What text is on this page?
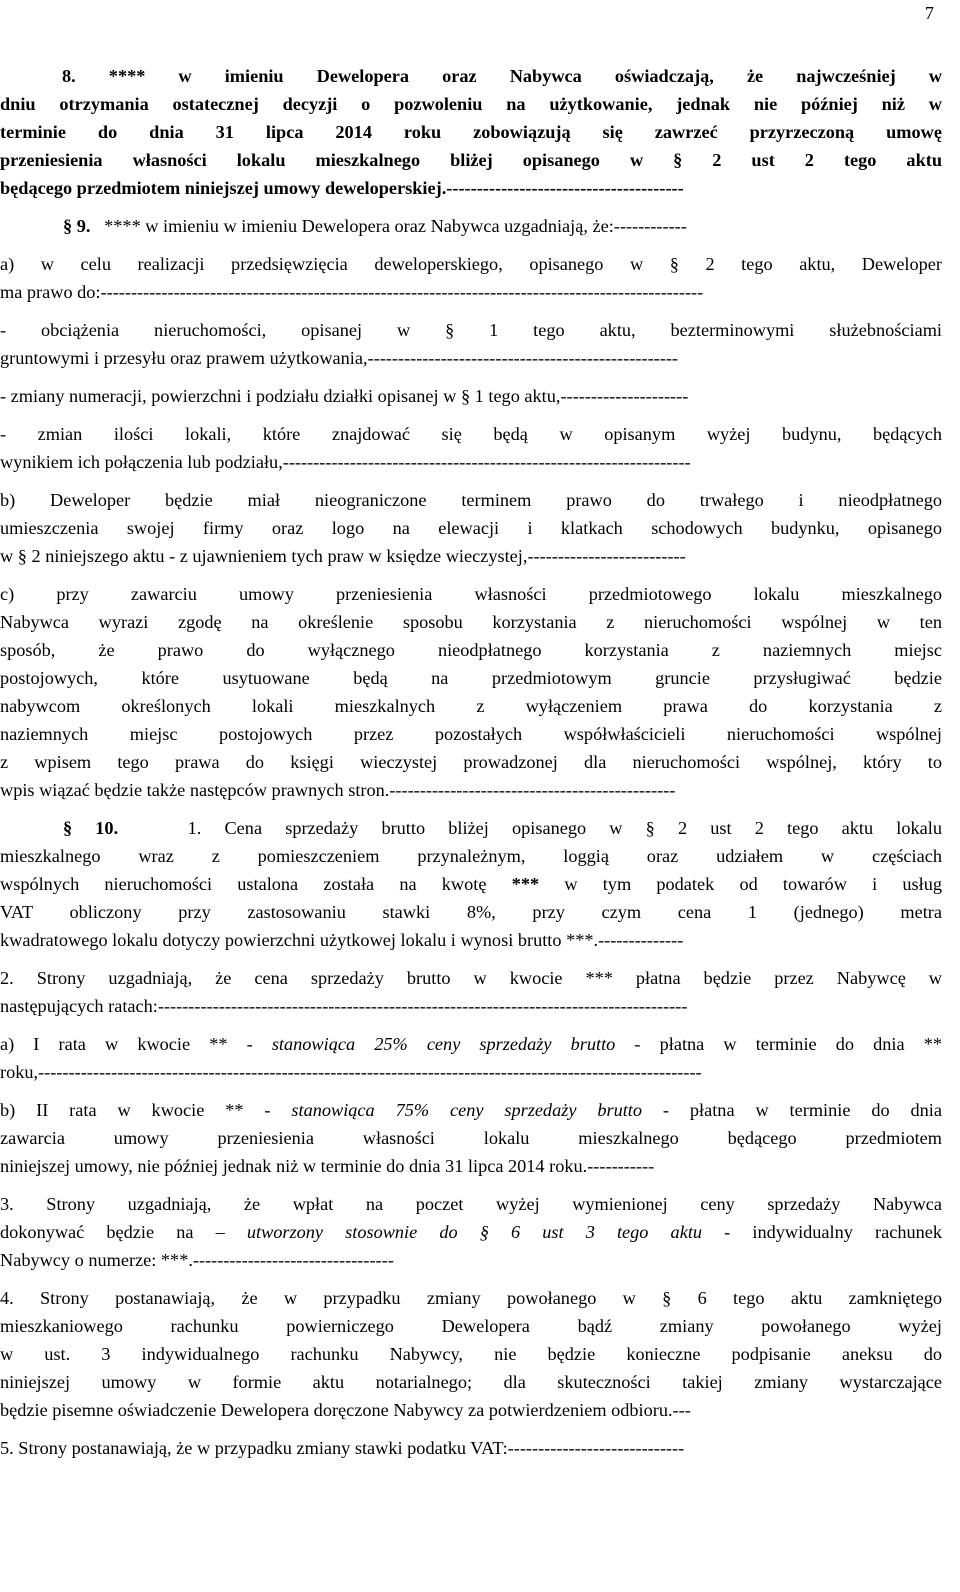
7
8. **** w imieniu Dewelopera oraz Nabywca oświadczają, że najwcześniej w
dniu otrzymania ostatecznej decyzji o pozwoleniu na użytkowanie, jednak nie później niż w
terminie do dnia 31 lipca 2014 roku zobowiązują się zawrzeć przyrzeczoną umowę
przeniesienia własności lokalu mieszkalnego bliżej opisanego w § 2 ust 2 tego aktu
będącego przedmiotem niniejszej umowy deweloperskiej.---------------------------------------
§ 9. **** w imieniu w imieniu Dewelopera oraz Nabywca uzgadniają, że:------------
a) w celu realizacji przedsięwzięcia deweloperskiego, opisanego w § 2 tego aktu, Deweloper
ma prawo do:---------------------------------------------------------------------------------------------------
- obciążenia nieruchomości, opisanej w § 1 tego aktu, bezterminowymi służebnościami
gruntowymi i przesyłu oraz prawem użytkowania,---------------------------------------------------
- zmiany numeracji, powierzchni i podziału działki opisanej w § 1 tego aktu,---------------------
- zmian ilości lokali, które znajdować się będą w opisanym wyżej budynu, będących
wynikiem ich połączenia lub podziału,-------------------------------------------------------------------
b) Deweloper będzie miał nieograniczone terminem prawo do trwałego i nieodpłatnego
umieszczenia swojej firmy oraz logo na elewacji i klatkach schodowych budynku, opisanego
w § 2 niniejszego aktu - z ujawnieniem tych praw w księdze wieczystej,--------------------------
c) przy zawarciu umowy przeniesienia własności przedmiotowego lokalu mieszkalnego
Nabywca wyrazi zgodę na określenie sposobu korzystania z nieruchomości wspólnej w ten
sposób, że prawo do wyłącznego nieodpłatnego korzystania z naziemnych miejsc
postojowych, które usytuowane będą na przedmiotowym gruncie przysługiwać będzie
nabywcom określonych lokali mieszkalnych z wyłączeniem prawa do korzystania z
naziemnych miejsc postojowych przez pozostałych współwłaścicieli nieruchomości wspólnej
z wpisem tego prawa do księgi wieczystej prowadzonej dla nieruchomości wspólnej, który to
wpis wiązać będzie także następców prawnych stron.-----------------------------------------------
§ 10.	1. Cena sprzedaży brutto bliżej opisanego w § 2 ust 2 tego aktu lokalu
mieszkalnego wraz z pomieszczeniem przynależnym, loggią oraz udziałem w częściach
wspólnych nieruchomości ustalona została na kwotę *** w tym podatek od towarów i usług
VAT obliczony przy zastosowaniu stawki 8%, przy czym cena 1 (jednego) metra
kwadratowego lokalu dotyczy powierzchni użytkowej lokalu i wynosi brutto ***.--------------
2. Strony uzgadniają, że cena sprzedaży brutto w kwocie *** płatna będzie przez Nabywcę w
następujących ratach:---------------------------------------------------------------------------------------
a) I rata w kwocie ** - stanowiąca 25% ceny sprzedaży brutto - płatna w terminie do dnia **
roku,-------------------------------------------------------------------------------------------------------------
b) II rata w kwocie ** - stanowiąca 75% ceny sprzedaży brutto - płatna w terminie do dnia
zawarcia umowy przeniesienia własności lokalu mieszkalnego będącego przedmiotem
niniejszej umowy, nie później jednak niż w terminie do dnia 31 lipca 2014 roku.-----------
3. Strony uzgadniają, że wpłat na poczet wyżej wymienionej ceny sprzedaży Nabywca
dokonywać będzie na – utworzony stosownie do § 6 ust 3 tego aktu - indywidualny rachunek
Nabywcy o numerze: ***.---------------------------------
4. Strony postanawiają, że w przypadku zmiany powołanego w § 6 tego aktu zamkniętego
mieszkaniowego rachunku powierniczego Dewelopera bądź zmiany powołanego wyżej
w ust. 3 indywidualnego rachunku Nabywcy, nie będzie konieczne podpisanie aneksu do
niniejszej umowy w formie aktu notarialnego; dla skuteczności takiej zmiany wystarczające
będzie pisemne oświadczenie Dewelopera doręczone Nabywcy za potwierdzeniem odbioru.---
5. Strony postanawiają, że w przypadku zmiany stawki podatku VAT:-----------------------------
